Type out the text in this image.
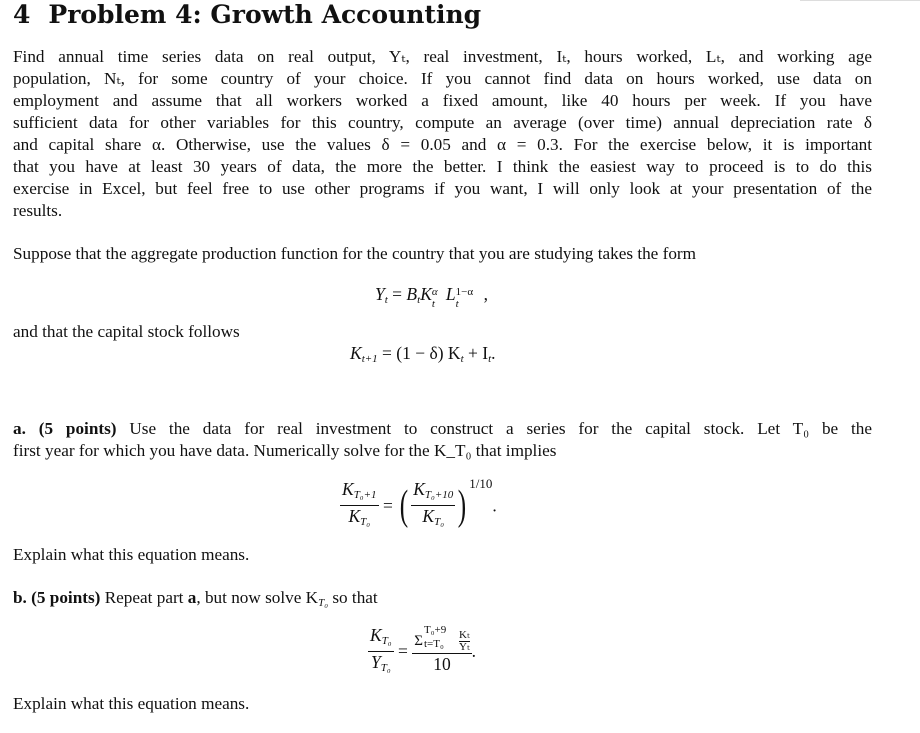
4 Problem 4: Growth Accounting
Find annual time series data on real output, Yₜ, real investment, Iₜ, hours worked, Lₜ, and working age
population, Nₜ, for some country of your choice. If you cannot find data on hours worked, use data on
employment and assume that all workers worked a fixed amount, like 40 hours per week. If you have
sufficient data for other variables for this country, compute an average (over time) annual depreciation rate δ
and capital share α. Otherwise, use the values δ = 0.05 and α = 0.3. For the exercise below, it is important
that you have at least 30 years of data, the more the better. I think the easiest way to proceed is to do this
exercise in Excel, but feel free to use other programs if you want, I will only look at your presentation of the
results.
Suppose that the aggregate production function for the country that you are studying takes the form
$Y_t = B_tK$ α
t L 1−α
t ,
and that the capital stock follows
$K_{t+1} = (1 - \delta) K_t + I_t$.
a. (5 points) Use the data for real investment to construct a series for the capital stock. Let T₀ be the
first year for which you have data. Numerically solve for the K_T₀ that implies
$\frac{K_{T_0+1}}{K_{T_0}}$ = ( $\frac{K_{T_0+10}}{K_{T_0}}$ ) $^{1/10}$.
Explain what this equation means.
b. (5 points) Repeat part a, but now solve $K_{T_0}$ so that
$\frac{K_{T_0}}{Y_{T_0}} = \Sigma$
T₀+9
$t=T_0 \frac{\text{Kₜ}}{\text{Yₜ}}$
10 .
Explain what this equation means.
